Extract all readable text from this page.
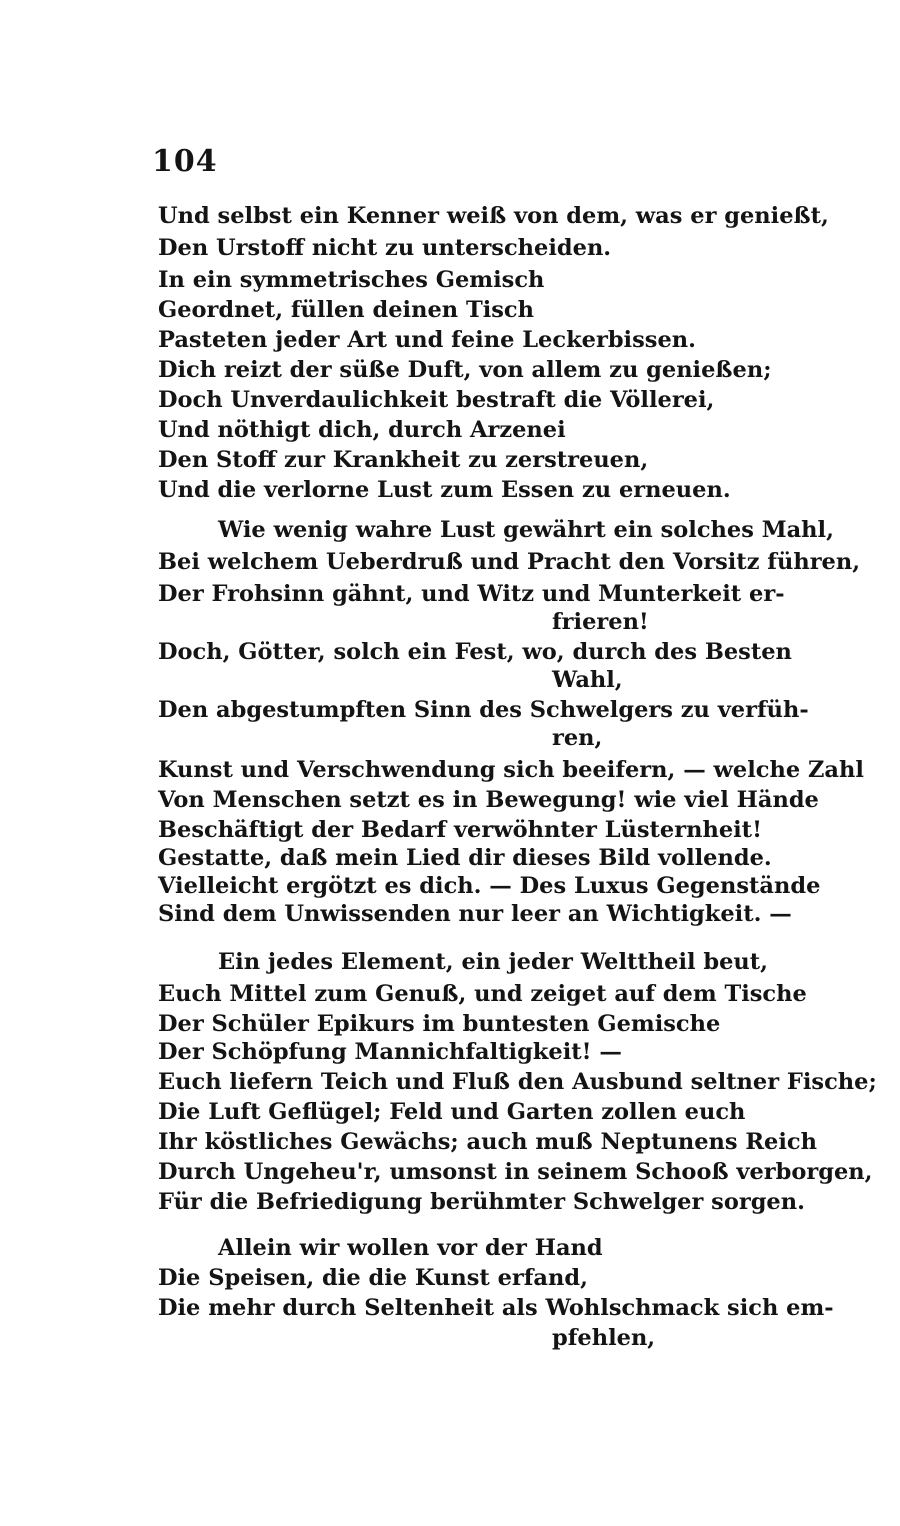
104
Und selbst ein Kenner weiß von dem, was er genießt,
Den Urstoff nicht zu unterscheiden.
In ein symmetrisches Gemisch
Geordnet, füllen deinen Tisch
Pasteten jeder Art und feine Leckerbissen.
Dich reizt der süße Duft, von allem zu genießen;
Doch Unverdaulichkeit bestraft die Völlerei,
Und nöthigt dich, durch Arzenei
Den Stoff zur Krankheit zu zerstreuen,
Und die verlorne Lust zum Essen zu erneuen.
Wie wenig wahre Lust gewährt ein solches Mahl,
Bei welchem Ueberdruß und Pracht den Vorsitz führen,
Der Frohsinn gähnt, und Witz und Munterkeit er-
frieren!
Doch, Götter, solch ein Fest, wo, durch des Besten
Wahl,
Den abgestumpften Sinn des Schwelgers zu verfüh-
ren,
Kunst und Verschwendung sich beeifern, — welche Zahl
Von Menschen setzt es in Bewegung! wie viel Hände
Beschäftigt der Bedarf verwöhnter Lüsternheit!
Gestatte, daß mein Lied dir dieses Bild vollende.
Vielleicht ergötzt es dich. — Des Luxus Gegenstände
Sind dem Unwissenden nur leer an Wichtigkeit. —
Ein jedes Element, ein jeder Welttheil beut,
Euch Mittel zum Genuß, und zeiget auf dem Tische
Der Schüler Epikurs im buntesten Gemische
Der Schöpfung Mannichfaltigkeit! —
Euch liefern Teich und Fluß den Ausbund seltner Fische;
Die Luft Geflügel; Feld und Garten zollen euch
Ihr köstliches Gewächs; auch muß Neptunens Reich
Durch Ungeheu'r, umsonst in seinem Schooß verborgen,
Für die Befriedigung berühmter Schwelger sorgen.
Allein wir wollen vor der Hand
Die Speisen, die die Kunst erfand,
Die mehr durch Seltenheit als Wohlschmack sich em-
pfehlen,
